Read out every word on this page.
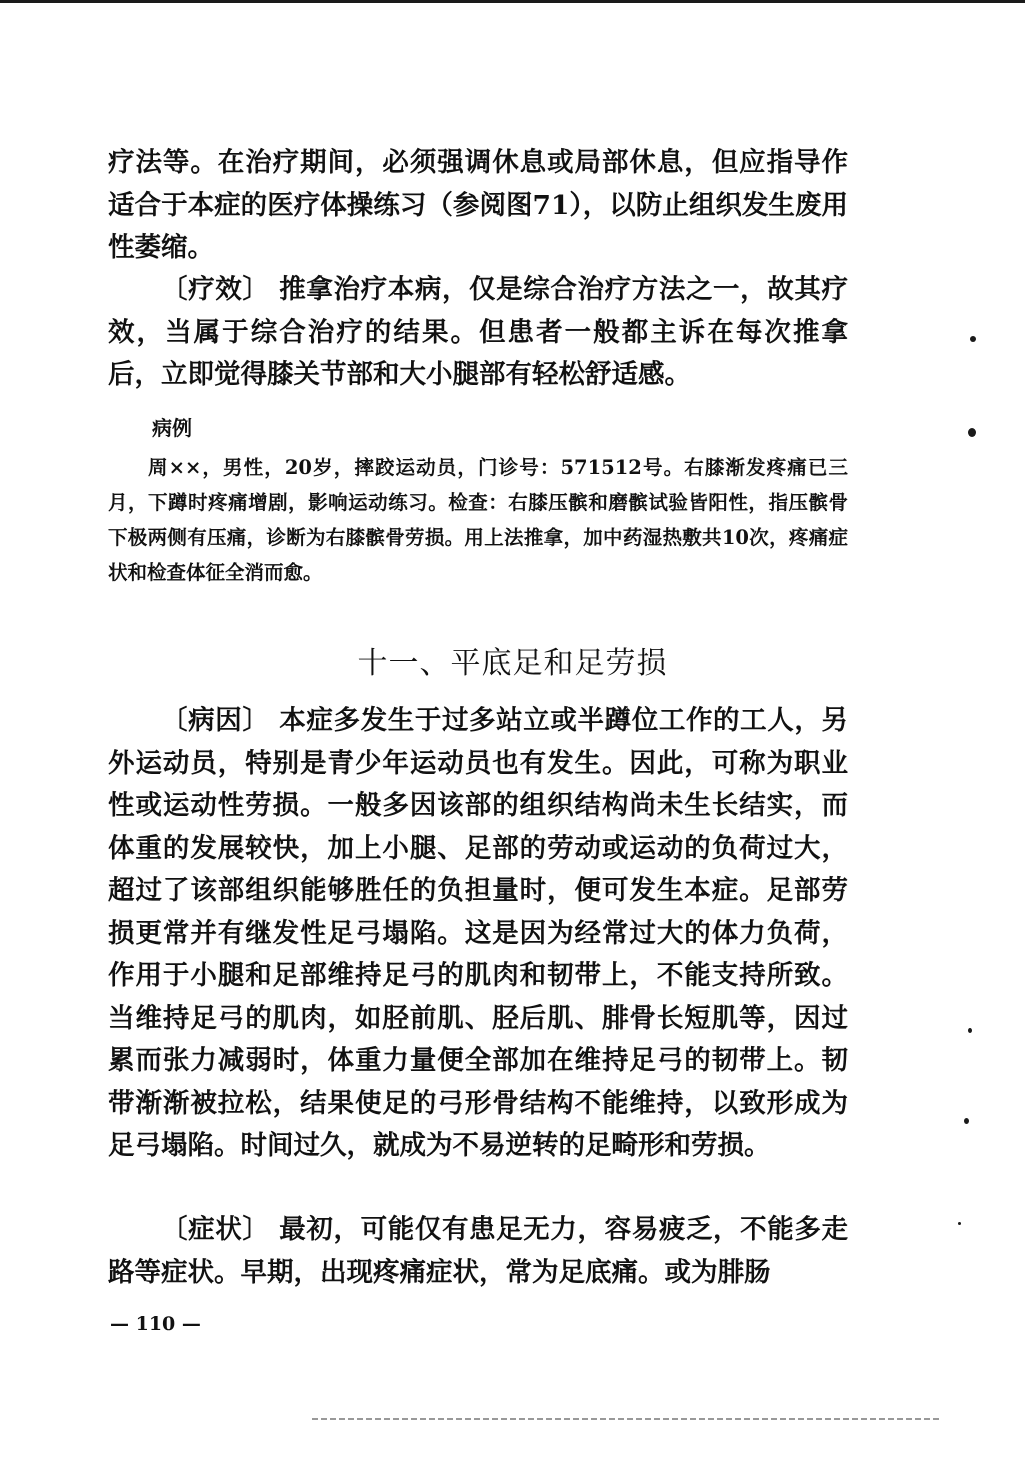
疗法等。在治疗期间，必须强调休息或局部休息，但应指导作适合于本症的医疗体操练习（参阅图71），以防止组织发生废用性萎缩。
〔疗效〕 推拿治疗本病，仅是综合治疗方法之一，故其疗效，当属于综合治疗的结果。但患者一般都主诉在每次推拿后，立即觉得膝关节部和大小腿部有轻松舒适感。
病例
周××，男性，20岁，摔跤运动员，门诊号：571512号。右膝渐发疼痛已三月，下蹲时疼痛增剧，影响运动练习。检查：右膝压髌和磨髌试验皆阳性，指压髌骨下极两侧有压痛，诊断为右膝髌骨劳损。用上法推拿，加中药湿热敷共10次，疼痛症状和检查体征全消而愈。
十一、平底足和足劳损
〔病因〕 本症多发生于过多站立或半蹲位工作的工人，另外运动员，特别是青少年运动员也有发生。因此，可称为职业性或运动性劳损。一般多因该部的组织结构尚未生长结实，而体重的发展较快，加上小腿、足部的劳动或运动的负荷过大，超过了该部组织能够胜任的负担量时，便可发生本症。足部劳损更常并有继发性足弓塌陷。这是因为经常过大的体力负荷，作用于小腿和足部维持足弓的肌肉和韧带上，不能支持所致。当维持足弓的肌肉，如胫前肌、胫后肌、腓骨长短肌等，因过累而张力减弱时，体重力量便全部加在维持足弓的韧带上。韧带渐渐被拉松，结果使足的弓形骨结构不能维持，以致形成为足弓塌陷。时间过久，就成为不易逆转的足畸形和劳损。
〔症状〕 最初，可能仅有患足无力，容易疲乏，不能多走路等症状。早期，出现疼痛症状，常为足底痛。或为腓肠
— 110 —
